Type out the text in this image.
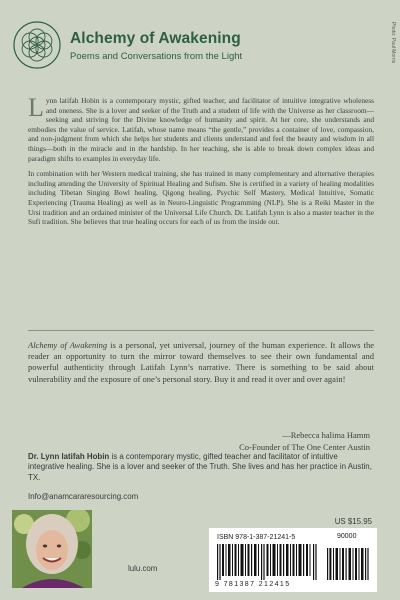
Alchemy of Awakening
Poems and Conversations from the Light	Photo: Paul Morris

Lynn latifah Hobin is a contemporary mystic, gifted teacher, and facilitator of intuitive integrative wholeness and oneness. She is a lover and seeker of the Truth and a student of life with the Universe as her classroom—seeking and striving for the Divine knowledge of humanity and spirit. At her core, she understands and embodies the value of service. Latifah, whose name means “the gentle,” provides a container of love, compassion, and non-judgment from which she helps her students and clients understand and feel the beauty and wisdom in all things—both in the miracle and in the hardship. In her teaching, she is able to break down complex ideas and paradigm shifts to examples in everyday life.

In combination with her Western medical training, she has trained in many complementary and alternative therapies including attending the University of Spiritual Healing and Sufism. She is certified in a variety of healing modalities including Tibetan Singing Bowl healing, Qigong healing, Psychic Self Mastery, Medical Intuitive, Somatic Experiencing (Trauma Healing) as well as in Neuro-Linguistic Programming (NLP). She is a Reiki Master in the Ursi tradition and an ordained minister of the Universal Life Church. Dr. Latifah Lynn is also a master teacher in the Sufi tradition. She believes that true healing occurs for each of us from the inside out.

Alchemy of Awakening is a personal, yet universal, journey of the human experience. It allows the reader an opportunity to turn the mirror toward themselves to see their own fundamental and powerful authenticity through Latifah Lynn’s narrative. There is something to be said about vulnerability and the exposure of one’s personal story. Buy it and read it over and over again!
—Rebecca halima Hamm
Co-Founder of The One Center Austin
Dr. Lynn latifah Hobin is a contemporary mystic, gifted teacher and facilitator of intuitive integrative healing. She is a lover and seeker of the Truth. She lives and has her practice in Austin, TX.
Info@anamcararesourcing.com
US $15.95
ISBN 978-1-387-21241-5	90000
9 781387 212415
lulu.com
